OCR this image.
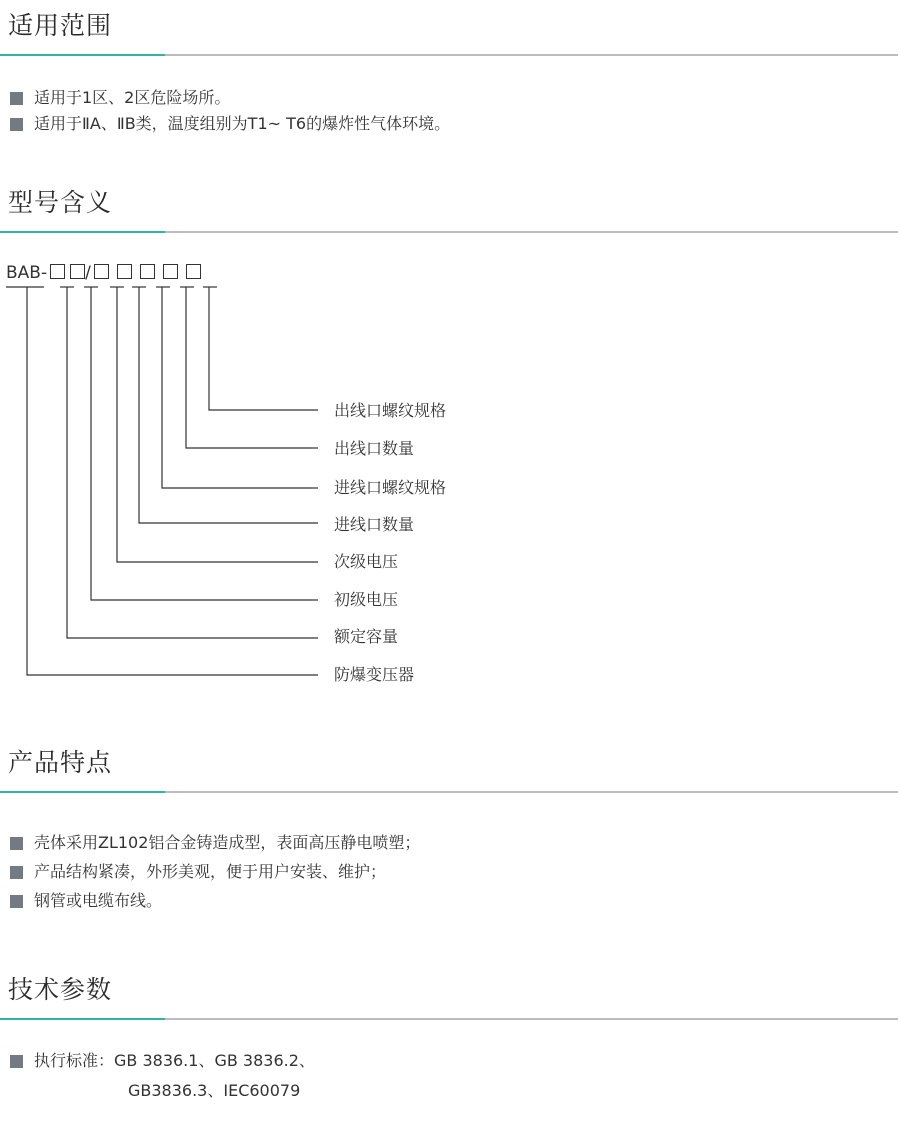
适用范围
适用于1区、2区危险场所。
适用于ⅡA、ⅡB类，温度组别为T1~ T6的爆炸性气体环境。
型号含义
BAB- /
出线口螺纹规格
出线口数量
进线口螺纹规格
进线口数量
次级电压
初级电压
额定容量
防爆变压器
产品特点
壳体采用ZL102铝合金铸造成型，表面高压静电喷塑；
产品结构紧凑，外形美观，便于用户安装、维护；
钢管或电缆布线。
技术参数
执行标准：GB 3836.1、GB 3836.2、
GB3836.3、IEC60079
